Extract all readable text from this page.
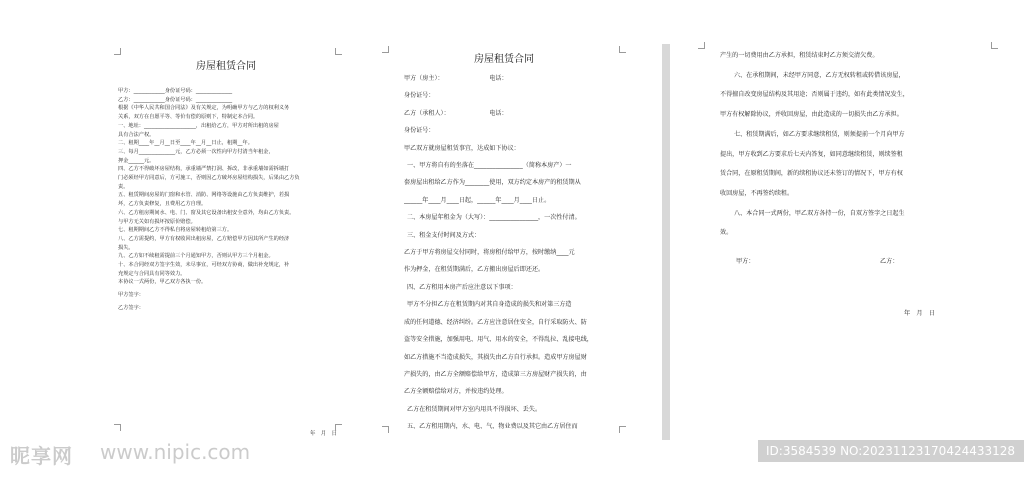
房屋租赁合同

甲方：____________身份证号码：______________

乙方：____________身份证号码：______________

根据《中华人民共和国合同法》及有关规定，为明确甲方与乙方的权利义务

关系，双方在自愿平等、等价有偿的原则下，特制定本合同。

一、地址：____________________，出租给乙方，甲方对所出租的房屋

具有合法产权。

二、租期____年__月__日至____年__月__日止，租期__年。

三、每月______________元，乙方必须一次性向甲方付清当年租金，

押金______元。

四、乙方不得破坏房屋结构，承重墙严禁打洞、拆改，非承重墙如需拆墙打

门必须经甲方同意后，方可施工，否则因乙方破坏房屋结构损失，后果由乙方负

责。

五、租赁期间房屋的门窗和水管、消防、网络等设施由乙方负责维护，若损

坏，乙方负责修复，且费用乙方自理。

六、乙方租房期间水、电、门、窗及其它设备出租安全意外，均由乙方负责。

与甲方无关如有损坏按原价赔偿。

七、租期期间乙方不得私自将房屋转租给第三方。

八、乙方需提约，甲方有权收回出租房屋，乙方赔偿甲方因其所产生的经济

损失。

九、乙方如不续租需提前三个月通知甲方，否则认甲方三个月租金。

十、本合同经双方签字生效，未尽事宜，可经双方协商，做出补充规定，补

充规定与合同具有同等效力。

本协议一式两份，甲乙双方各执一份。

甲方签字：

乙方签字：

年　月　日
房屋租赁合同

甲方（房主）：　　　　　　　　电话：

身份证号：

乙方（承租人）：　　　　　　　电话：

身份证号：

甲乙双方就房屋租赁事宜，达成如下协议：

一、甲方将自有的坐落在________________（简称本房产）一

套房屋出租给乙方作为________使用，双方约定本房产的租赁期从

______年____月____日起，______年____月____日止。

二、本房屋年租金为（大写）：________________，一次性付清。

三、租金支付时间及方式：

乙方于甲方将房屋交付同时，将房租付给甲方，按时缴纳____元

作为押金，在租赁期满后，乙方搬出房屋后即还还。

四、乙方租用本房产后应注意以下事项：

甲方不分担乙方在租赁期内对其自身造成的损失和对第三方造

成的任何道德、经济纠纷。乙方应注意居住安全，自行采取防火、防

盗等安全措施，加强用电、用气、用水的安全，不得乱拉、乱接电线，

如乙方措施不当造成损失，其损失由乙方自行承担。造成甲方房屋财

产损失的，由乙方全额赔偿给甲方，造成第三方房屋财产损失的，由

乙方全额赔偿给对方，并按违约处理。

乙方在租赁期间对甲方室内用具不得损坏、丢失。

五、乙方租用期内，水、电、气、物业费以及其它由乙方居住而

产生的一切费用由乙方承担，租赁结束时乙方须交清欠费。

六、在承租期间，未经甲方同意，乙方无权转租或转借该房屋，

不得擅自改变房屋结构及其用途；否则属于违约，如有此类情况发生，

甲方有权解除协议，并收回房屋，由此造成的一切损失由乙方承担。

七、租赁期满后，如乙方要求继续租赁，则须提前一个月向甲方

提出，甲方收到乙方要求后七天内答复，如同意继续租赁，则续签租

赁合同，在原租赁期间，新的续租协议还未签订的情况下，甲方有权

收回房屋，不再签约续租。

八、本合同一式两份，甲乙双方各持一份，自双方签字之日起生

效。

甲方：	乙方：
年　月　日
昵享网 www.nipic.com	ID:3584539 NO:20231123170424433128
